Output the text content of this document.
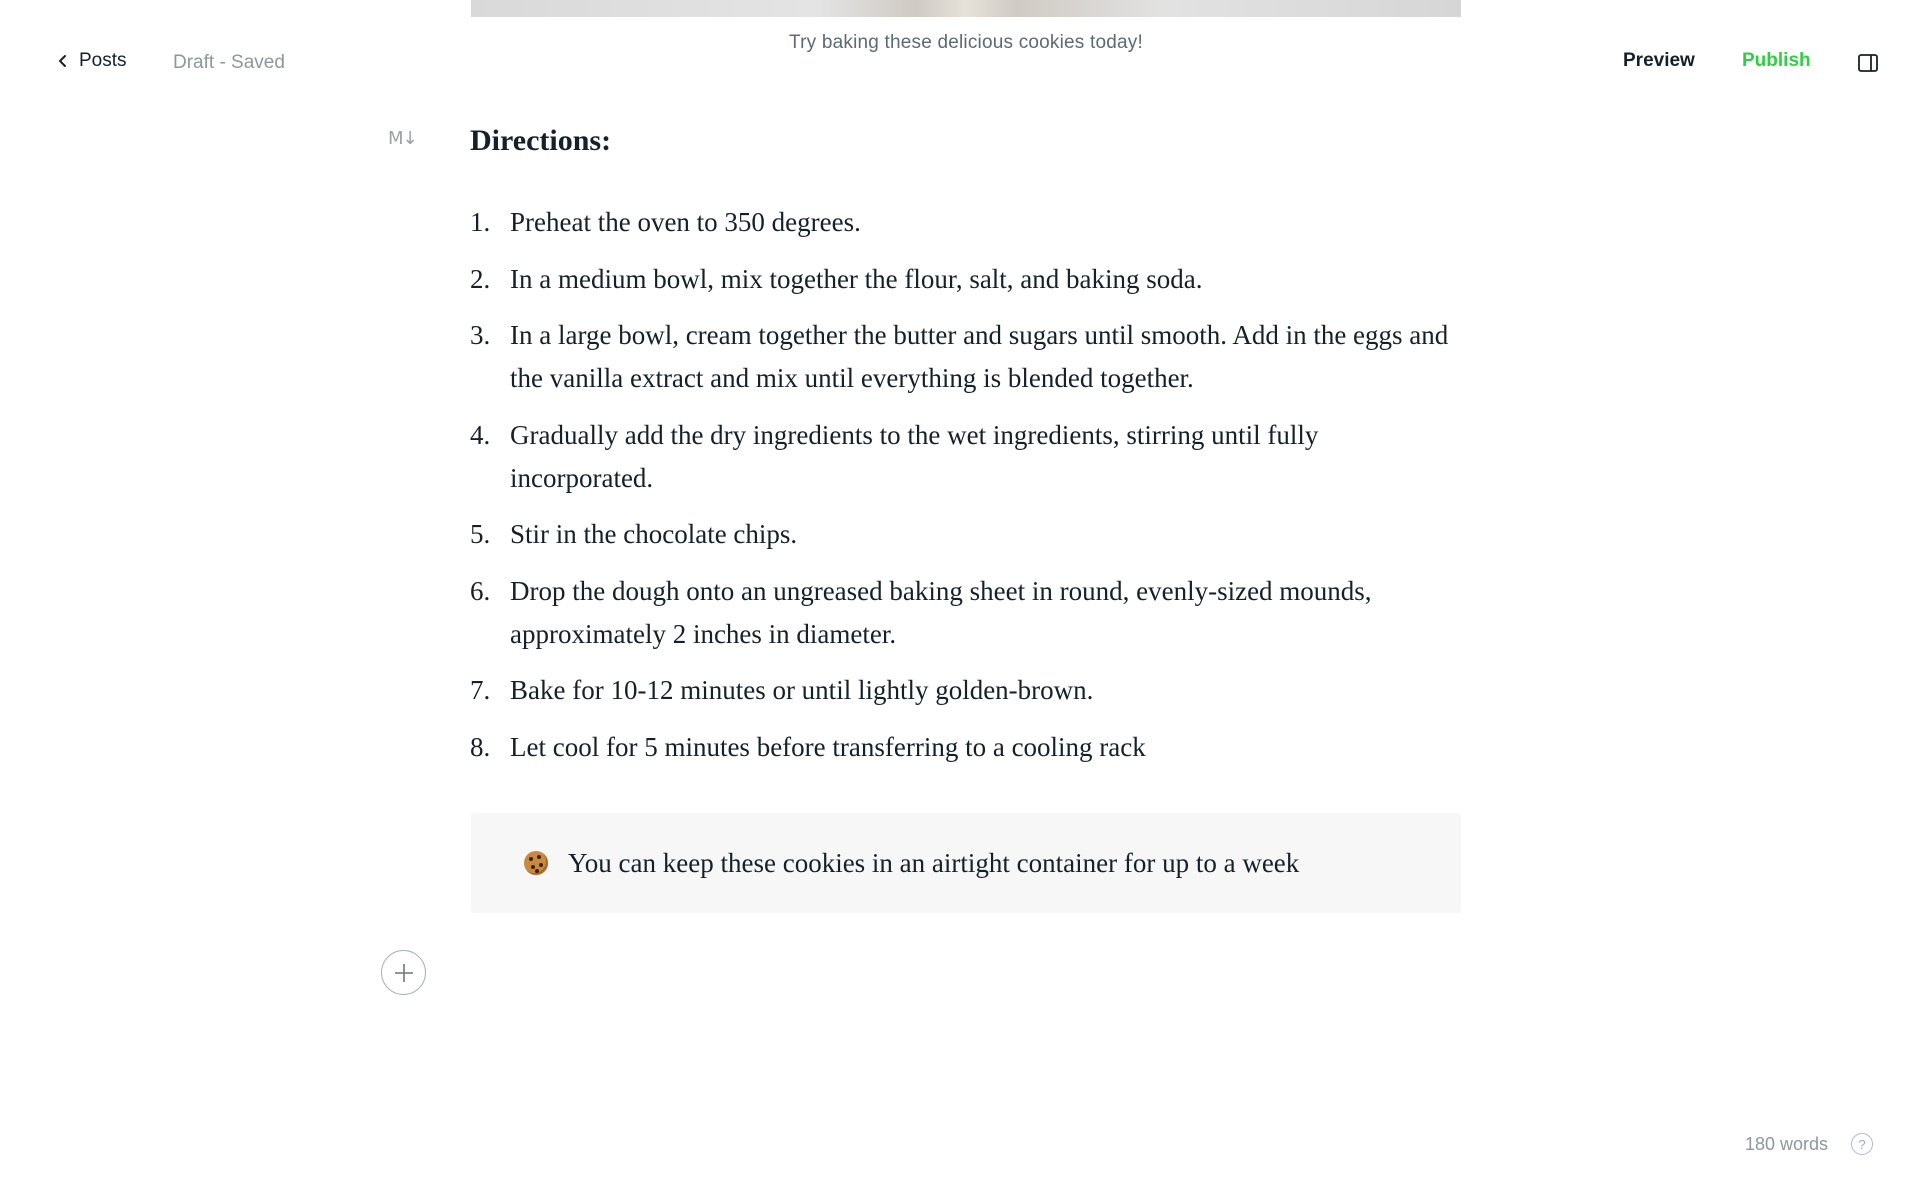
Try baking these delicious cookies today!
Posts Draft - Saved	Preview Publish
M↓ Directions:
1. Preheat the oven to 350 degrees.
2. In a medium bowl, mix together the flour, salt, and baking soda.
3. In a large bowl, cream together the butter and sugars until smooth. Add in the eggs and the vanilla extract and mix until everything is blended together.
4. Gradually add the dry ingredients to the wet ingredients, stirring until fully incorporated.
5. Stir in the chocolate chips.
6. Drop the dough onto an ungreased baking sheet in round, evenly-sized mounds, approximately 2 inches in diameter.
7. Bake for 10-12 minutes or until lightly golden-brown.
8. Let cool for 5 minutes before transferring to a cooling rack
You can keep these cookies in an airtight container for up to a week
180 words	?
